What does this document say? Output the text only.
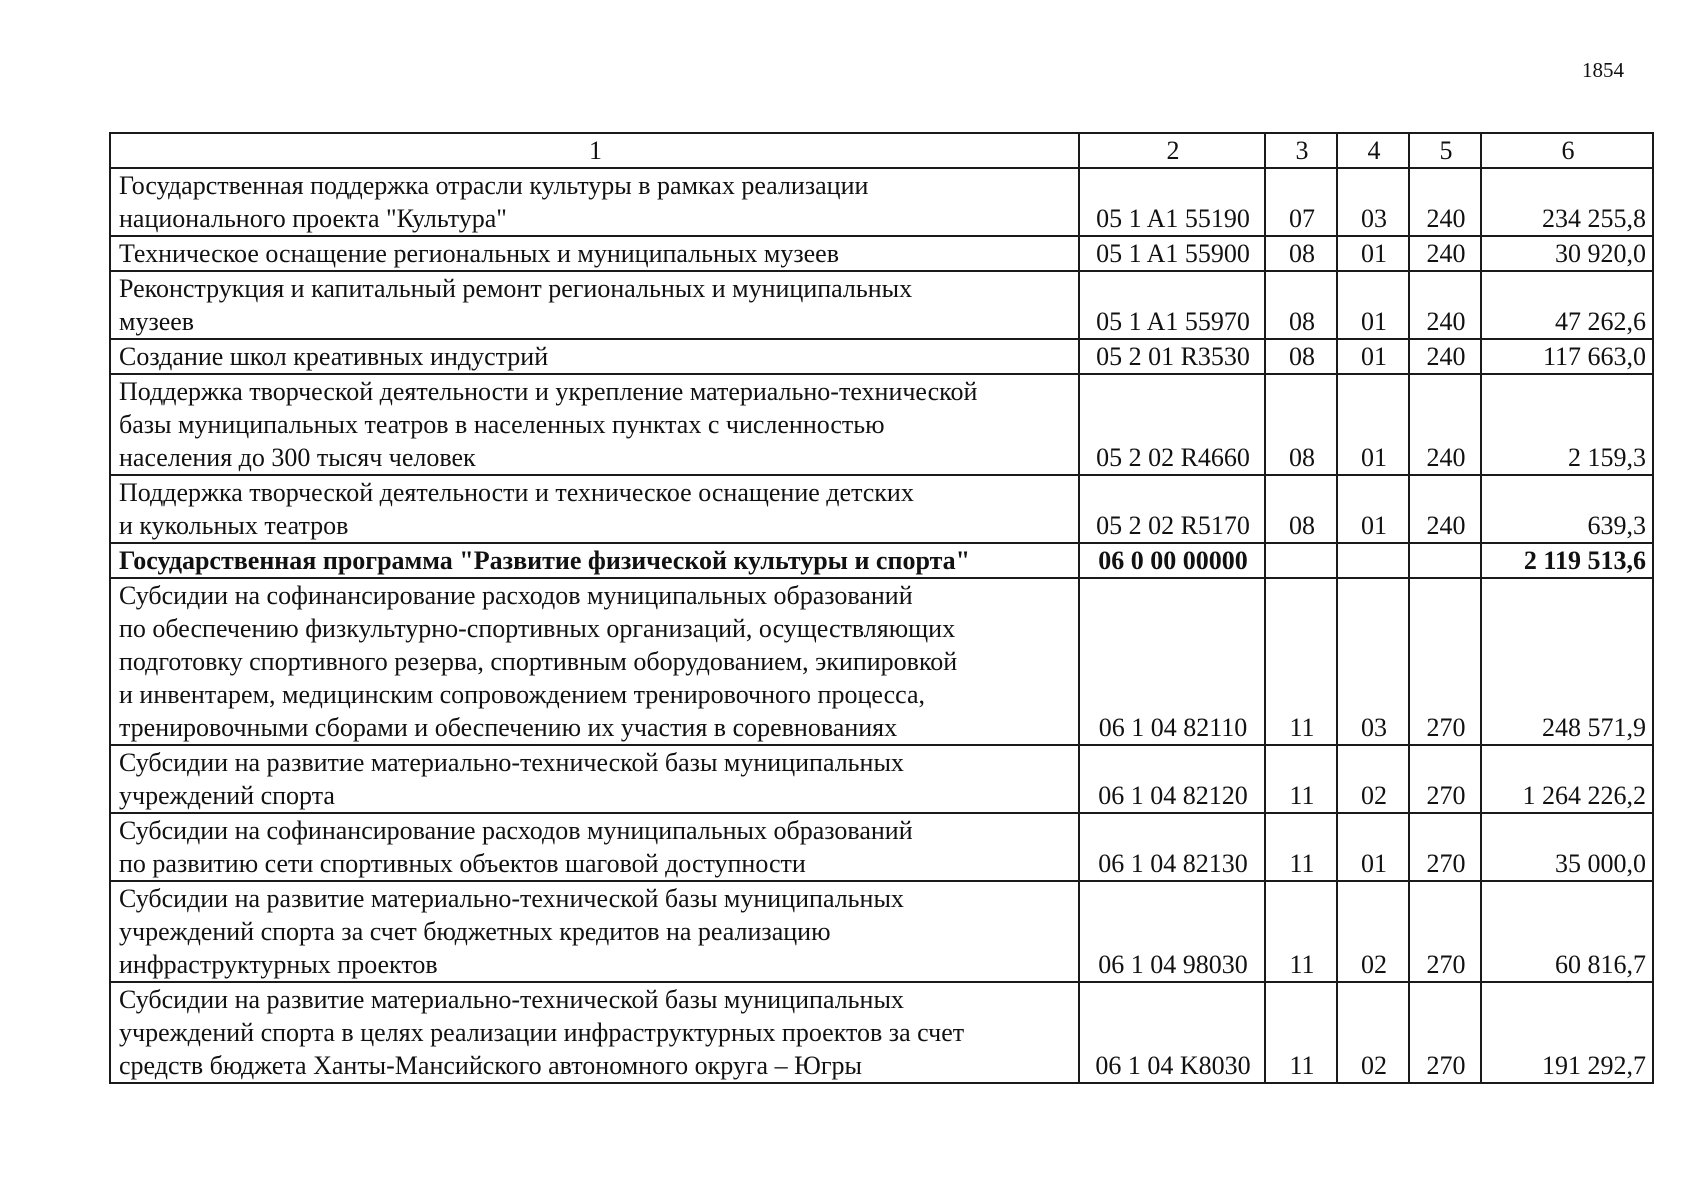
1854
1	2	3	4	5	6
Государственная поддержка отрасли культуры в рамках реализации
национального проекта "Культура"	05 1 A1 55190	07	03	240	234 255,8
Техническое оснащение региональных и муниципальных музеев	05 1 A1 55900	08	01	240	30 920,0
Реконструкция и капитальный ремонт региональных и муниципальных
музеев	05 1 A1 55970	08	01	240	47 262,6
Создание школ креативных индустрий	05 2 01 R3530	08	01	240	117 663,0
Поддержка творческой деятельности и укрепление материально-технической
базы муниципальных театров в населенных пунктах с численностью
населения до 300 тысяч человек	05 2 02 R4660	08	01	240	2 159,3
Поддержка творческой деятельности и техническое оснащение детских
и кукольных театров	05 2 02 R5170	08	01	240	639,3
Государственная программа "Развитие физической культуры и спорта"	06 0 00 00000				2 119 513,6
Субсидии на софинансирование расходов муниципальных образований
по обеспечению физкультурно-спортивных организаций, осуществляющих
подготовку спортивного резерва, спортивным оборудованием, экипировкой
и инвентарем, медицинским сопровождением тренировочного процесса,
тренировочными сборами и обеспечению их участия в соревнованиях	06 1 04 82110	11	03	270	248 571,9
Субсидии на развитие материально-технической базы муниципальных
учреждений спорта	06 1 04 82120	11	02	270	1 264 226,2
Субсидии на софинансирование расходов муниципальных образований
по развитию сети спортивных объектов шаговой доступности	06 1 04 82130	11	01	270	35 000,0
Субсидии на развитие материально-технической базы муниципальных
учреждений спорта за счет бюджетных кредитов на реализацию
инфраструктурных проектов	06 1 04 98030	11	02	270	60 816,7
Субсидии на развитие материально-технической базы муниципальных
учреждений спорта в целях реализации инфраструктурных проектов за счет
средств бюджета Ханты-Мансийского автономного округа – Югры	06 1 04 K8030	11	02	270	191 292,7
